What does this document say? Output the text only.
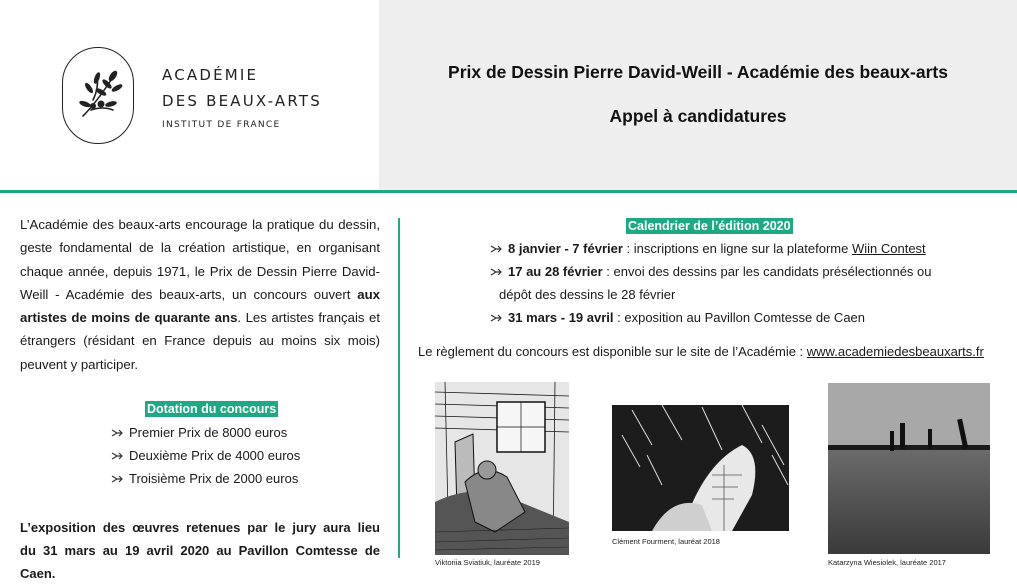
ACADÉMIE
DES BEAUX-ARTS
INSTITUT DE FRANCE
Prix de Dessin Pierre David-Weill - Académie des beaux-arts
Appel à candidatures

L’Académie des beaux-arts encourage la pratique du dessin, geste fondamental de la création artistique, en organisant chaque année, depuis 1971, le Prix de Dessin Pierre David-Weill - Académie des beaux-arts, un concours ouvert aux artistes de moins de quarante ans. Les artistes français et étrangers (résidant en France depuis au moins six mois) peuvent y participer.

Dotation du concours
Premier Prix de 8000 euros
Deuxième Prix de 4000 euros
Troisième Prix de 2000 euros
L’exposition des œuvres retenues par le jury aura lieu
du 31 mars au 19 avril 2020 au Pavillon Comtesse de Caen.
Calendrier de l’édition 2020
8 janvier - 7 février : inscriptions en ligne sur la plateforme Wiin Contest
17 au 28 février : envoi des dessins par les candidats présélectionnés ou
dépôt des dessins le 28 février
31 mars - 19 avril : exposition au Pavillon Comtesse de Caen
Le règlement du concours est disponible sur le site de l’Académie : www.academiedesbeauxarts.fr
Viktoriia Sviatiuk, lauréate 2019
Clément Fourment, lauréat 2018
Katarzyna Wiesiolek, lauréate 2017
